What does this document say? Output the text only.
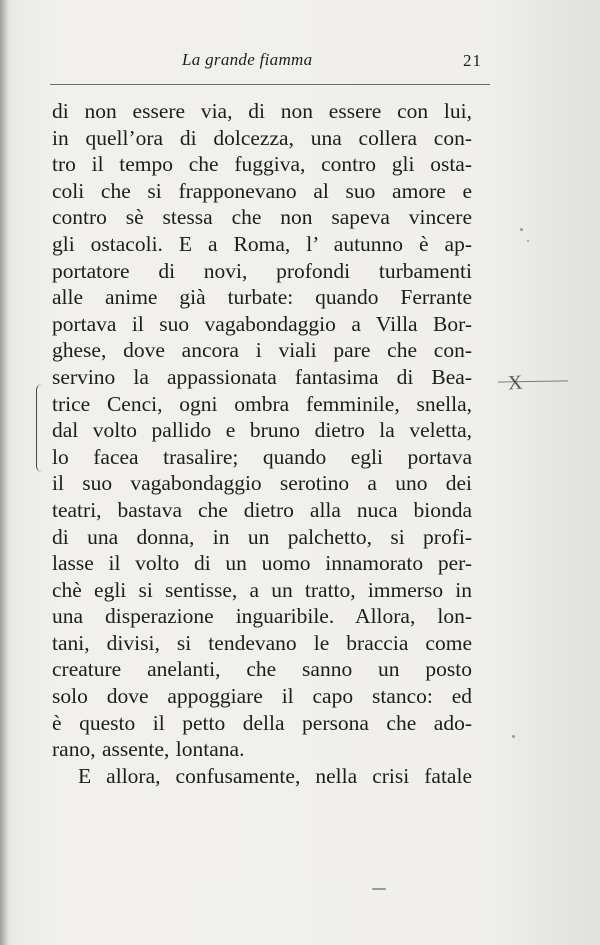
La grande fiamma	21
di non essere via, di non essere con lui,
in quell’ora di dolcezza, una collera con-
tro il tempo che fuggiva, contro gli osta-
coli che si frapponevano al suo amore e
contro sè stessa che non sapeva vincere
gli ostacoli. E a Roma, l’ autunno è ap-
portatore di novi, profondi turbamenti
alle anime già turbate: quando Ferrante
portava il suo vagabondaggio a Villa Bor-
ghese, dove ancora i viali pare che con-
servino la appassionata fantasima di Bea-
trice Cenci, ogni ombra femminile, snella,
dal volto pallido e bruno dietro la veletta,
lo facea trasalire; quando egli portava
il suo vagabondaggio serotino a uno dei
teatri, bastava che dietro alla nuca bionda
di una donna, in un palchetto, si profi-
lasse il volto di un uomo innamorato per-
chè egli si sentisse, a un tratto, immerso in
una disperazione inguaribile. Allora, lon-
tani, divisi, si tendevano le braccia come
creature anelanti, che sanno un posto
solo dove appoggiare il capo stanco: ed
è questo il petto della persona che ado-
rano, assente, lontana.
E allora, confusamente, nella crisi fatale
X
